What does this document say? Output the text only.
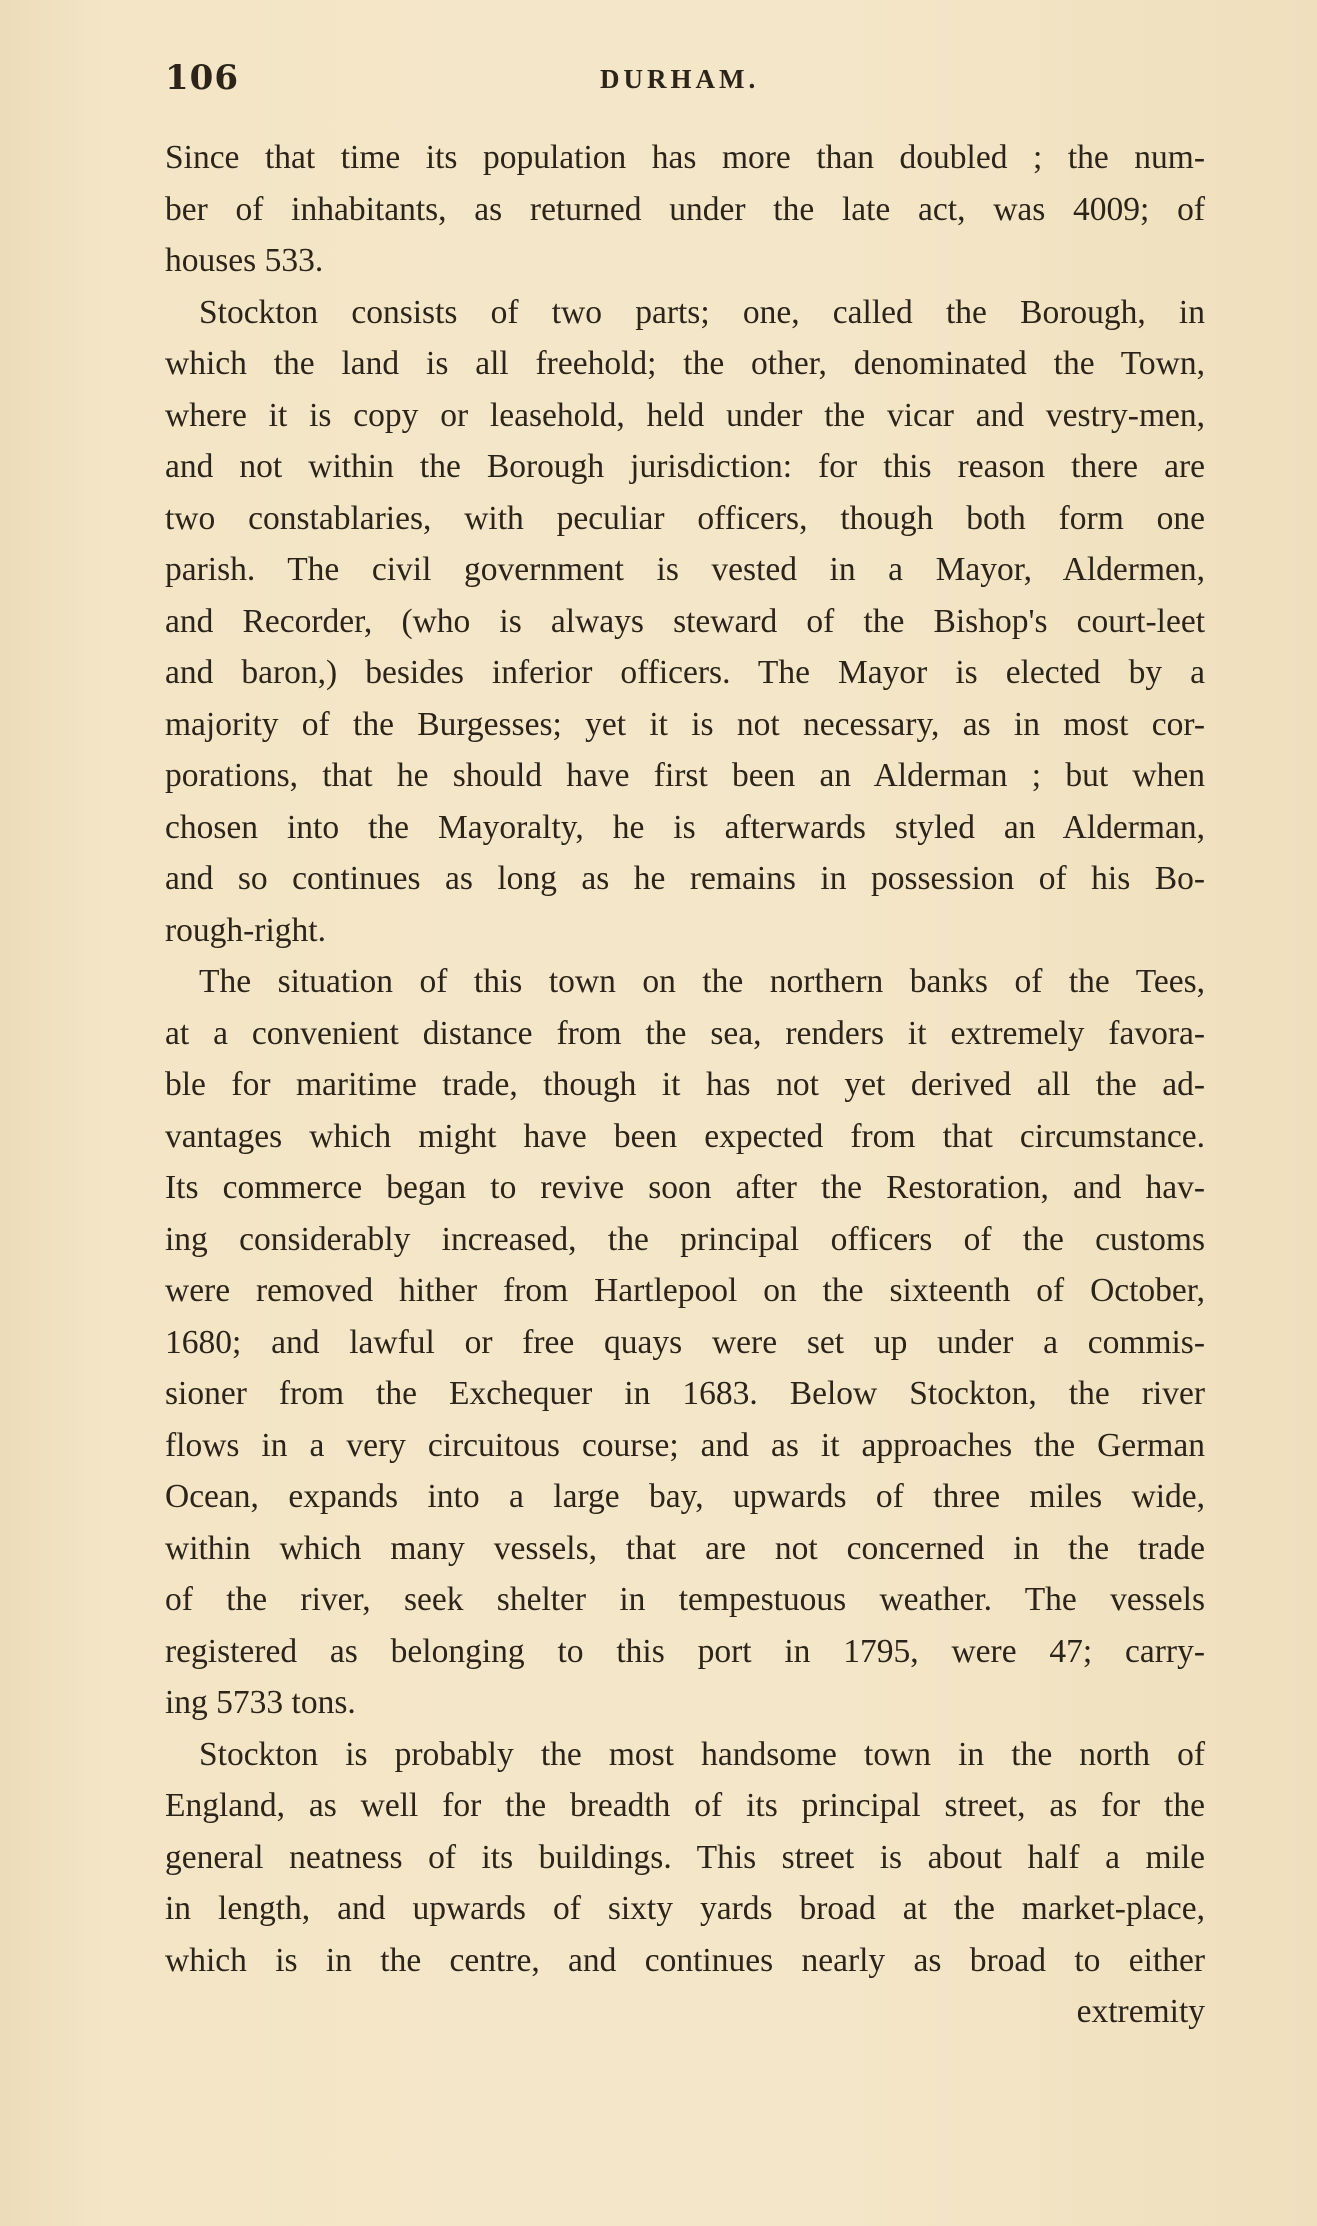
106	DURHAM.
Since that time its population has more than doubled ; the num-
ber of inhabitants, as returned under the late act, was 4009; of
houses 533.
Stockton consists of two parts; one, called the Borough, in
which the land is all freehold; the other, denominated the Town,
where it is copy or leasehold, held under the vicar and vestry-men,
and not within the Borough jurisdiction: for this reason there are
two constablaries, with peculiar officers, though both form one
parish. The civil government is vested in a Mayor, Aldermen,
and Recorder, (who is always steward of the Bishop's court-leet
and baron,) besides inferior officers. The Mayor is elected by a
majority of the Burgesses; yet it is not necessary, as in most cor-
porations, that he should have first been an Alderman ; but when
chosen into the Mayoralty, he is afterwards styled an Alderman,
and so continues as long as he remains in possession of his Bo-
rough-right.
The situation of this town on the northern banks of the Tees,
at a convenient distance from the sea, renders it extremely favora-
ble for maritime trade, though it has not yet derived all the ad-
vantages which might have been expected from that circumstance.
Its commerce began to revive soon after the Restoration, and hav-
ing considerably increased, the principal officers of the customs
were removed hither from Hartlepool on the sixteenth of October,
1680; and lawful or free quays were set up under a commis-
sioner from the Exchequer in 1683. Below Stockton, the river
flows in a very circuitous course; and as it approaches the German
Ocean, expands into a large bay, upwards of three miles wide,
within which many vessels, that are not concerned in the trade
of the river, seek shelter in tempestuous weather. The vessels
registered as belonging to this port in 1795, were 47; carry-
ing 5733 tons.
Stockton is probably the most handsome town in the north of
England, as well for the breadth of its principal street, as for the
general neatness of its buildings. This street is about half a mile
in length, and upwards of sixty yards broad at the market-place,
which is in the centre, and continues nearly as broad to either
extremity
